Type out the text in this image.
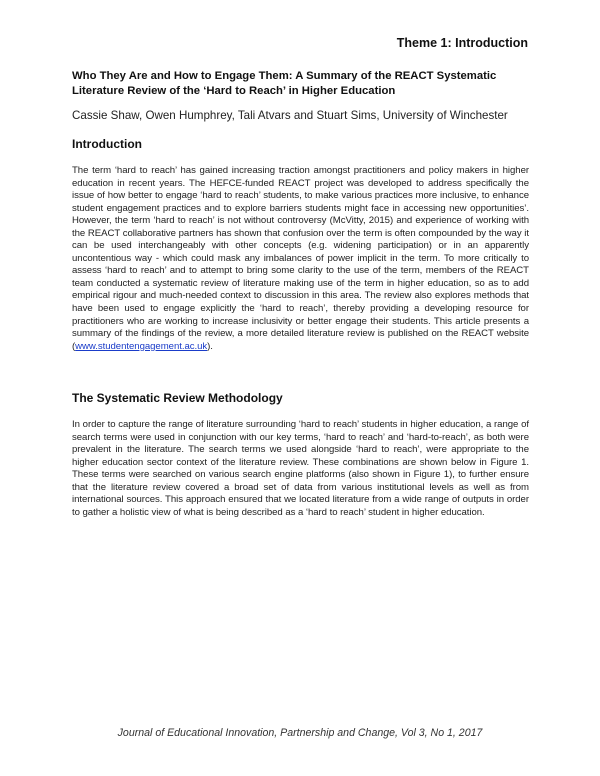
Theme 1: Introduction
Who They Are and How to Engage Them: A Summary of the REACT Systematic Literature Review of the ‘Hard to Reach’ in Higher Education
Cassie Shaw, Owen Humphrey, Tali Atvars and Stuart Sims, University of Winchester
Introduction

The term ‘hard to reach’ has gained increasing traction amongst practitioners and policy makers in higher education in recent years. The HEFCE-funded REACT project was developed to address specifically the issue of how better to engage ‘hard to reach’ students, to make various practices more inclusive, to enhance student engagement practices and to explore barriers students might face in accessing new opportunities’. However, the term ‘hard to reach’ is not without controversy (McVitty, 2015) and experience of working with the REACT collaborative partners has shown that confusion over the term is often compounded by the way it can be used interchangeably with other concepts (e.g. widening participation) or in an apparently uncontentious way - which could mask any imbalances of power implicit in the term. To more critically to assess ‘hard to reach’ and to attempt to bring some clarity to the use of the term, members of the REACT team conducted a systematic review of literature making use of the term in higher education, so as to add empirical rigour and much-needed context to discussion in this area. The review also explores methods that have been used to engage explicitly the ‘hard to reach’, thereby providing a developing resource for practitioners who are working to increase inclusivity or better engage their students. This article presents a summary of the findings of the review, a more detailed literature review is published on the REACT website (www.studentengagement.ac.uk).

The Systematic Review Methodology

In order to capture the range of literature surrounding ‘hard to reach’ students in higher education, a range of search terms were used in conjunction with our key terms, ‘hard to reach’ and ‘hard-to-reach’, as both were prevalent in the literature. The search terms we used alongside ‘hard to reach’, were appropriate to the higher education sector context of the literature review. These combinations are shown below in Figure 1. These terms were searched on various search engine platforms (also shown in Figure 1), to further ensure that the literature review covered a broad set of data from various institutional levels as well as from international sources. This approach ensured that we located literature from a wide range of outputs in order to gather a holistic view of what is being described as a ‘hard to reach’ student in higher education.

Journal of Educational Innovation, Partnership and Change, Vol 3, No 1, 2017
